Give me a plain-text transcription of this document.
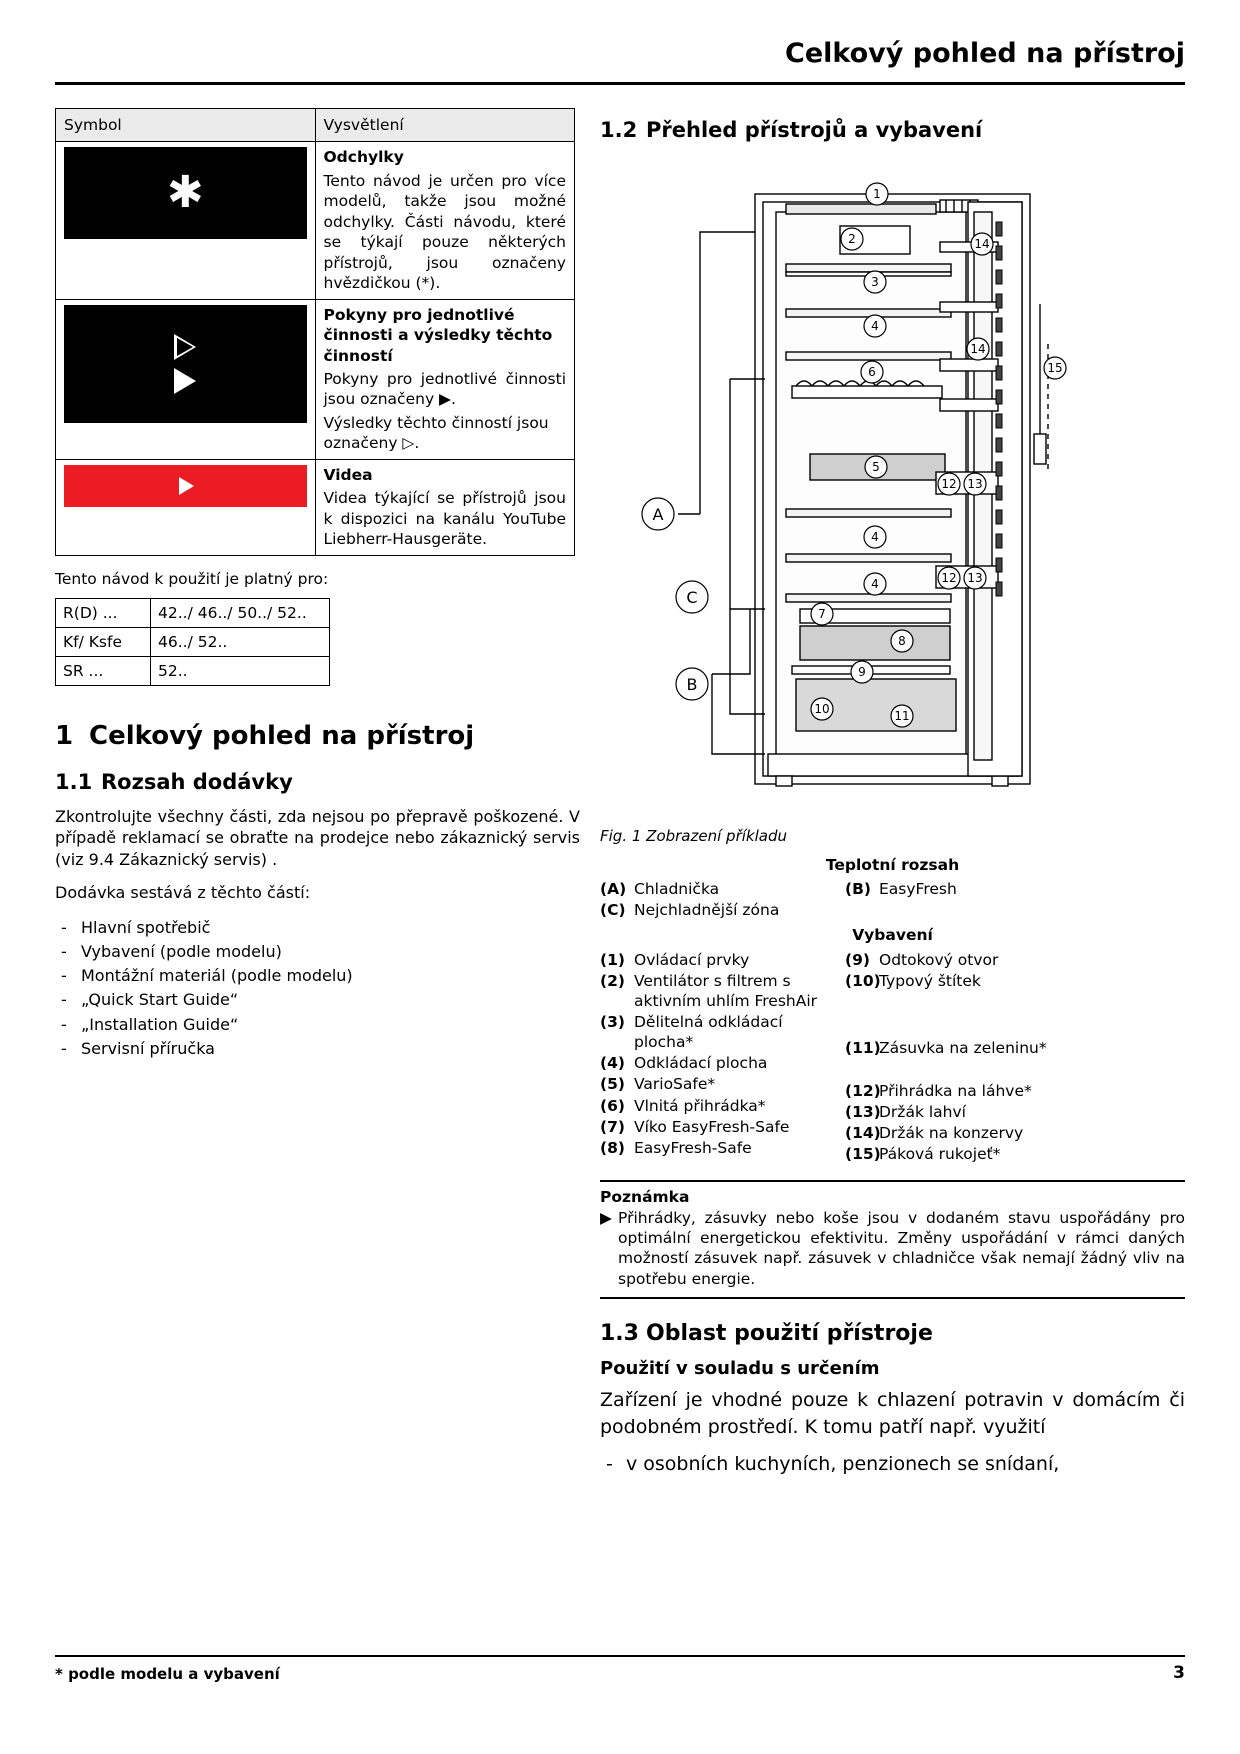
Celkový pohled na přístroj
Symbol	Vysvětlení

✱	Odchylky

Tento návod je určen pro více modelů, takže jsou možné odchylky. Části návodu, které se týkají pouze některých přístrojů, jsou označeny hvězdičkou (*).

	Pokyny pro jednotlivé činnosti a výsledky těchto činností

Pokyny pro jednotlivé činnosti jsou označeny ▶.

Výsledky těchto činností jsou označeny ▷.

	Videa

Videa týkající se přístrojů jsou k dispozici na kanálu YouTube Liebherr-Hausgeräte.

Tento návod k použití je platný pro:

R(D) ...	42../ 46../ 50../ 52..
Kf/ Ksfe	46../ 52..
SR ...	52..
1 Celkový pohled na přístroj
1.1 Rozsah dodávky

Zkontrolujte všechny části, zda nejsou po přepravě poškozené. V případě reklamací se obraťte na prodejce nebo zákaznický servis (viz 9.4 Zákaznický servis) .

Dodávka sestává z těchto částí:

- Hlavní spotřebič
- Vybavení (podle modelu)
- Montážní materiál (podle modelu)
- „Quick Start Guide“
- „Installation Guide“
- Servisní příručka
1.2 Přehled přístrojů a vybavení
1
2
3
4
6
5
4
4
7
8
9
10	11
12 13
12 13
14
14
15
A
B
C
Fig. 1 Zobrazení příkladu
Teplotní rozsah
(A) Chladnička	(B) EasyFresh
(C) Nejchladnější zóna
Vybavení
(1) Ovládací prvky
(2) Ventilátor s filtrem s aktivním uhlím FreshAir
(3) Dělitelná odkládací plocha*
(4) Odkládací plocha
(5) VarioSafe*
(6) Vlnitá přihrádka*
(7) Víko EasyFresh-Safe
(8) EasyFresh-Safe
(9) Odtokový otvor
(10)
Typový štítek
(11)
Zásuvka na zeleninu*
(12)
Přihrádka na láhve*
(13)
Držák lahví
(14)
Držák na konzervy
(15)
Páková rukojeť*
Poznámka
▶ Přihrádky, zásuvky nebo koše jsou v dodaném stavu uspořádány pro optimální energetickou efektivitu. Změny uspořádání v rámci daných možností zásuvek např. zásuvek v chladničce však nemají žádný vliv na spotřebu energie.
1.3 Oblast použití přístroje
Použití v souladu s určením

Zařízení je vhodné pouze k chlazení potravin v domácím či podobném prostředí. K tomu patří např. využití

- v osobních kuchyních, penzionech se snídaní,
* podle modelu a vybavení	3
